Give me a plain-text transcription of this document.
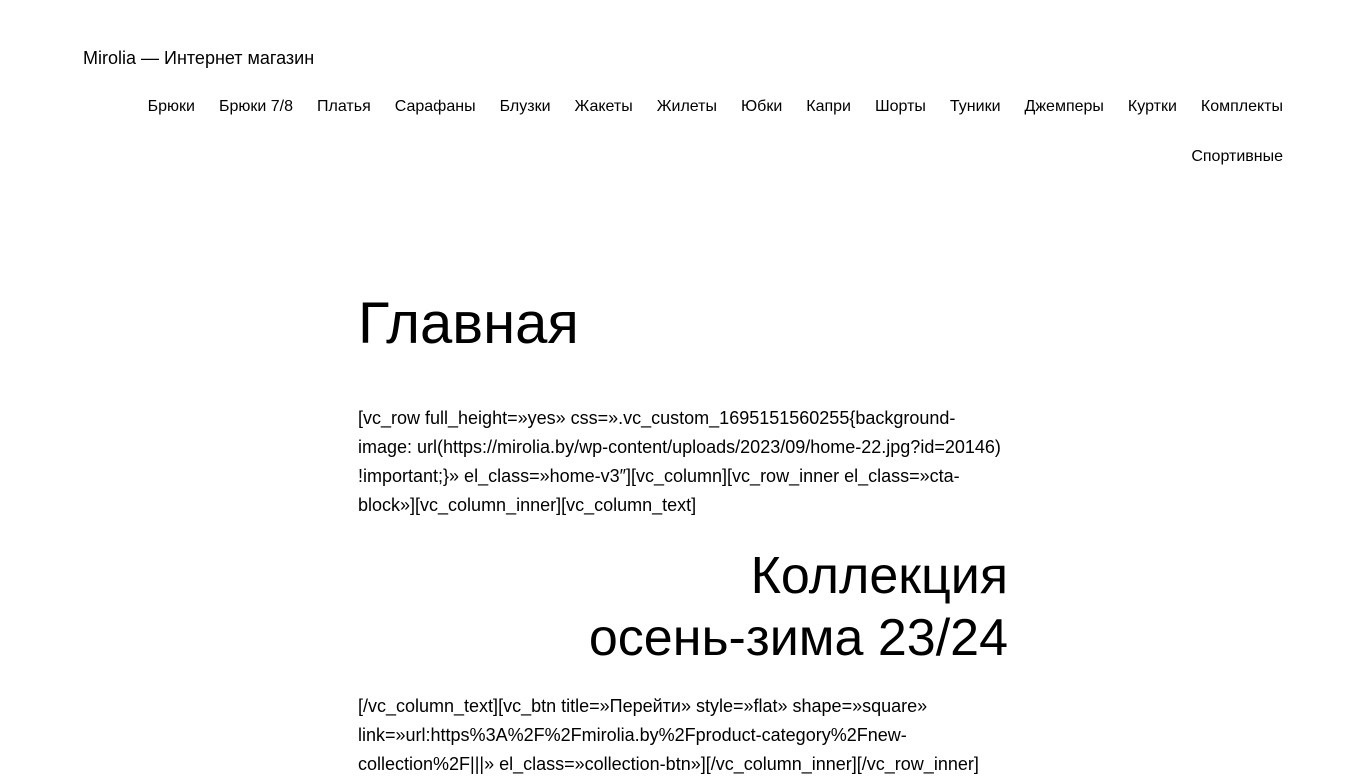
Mirolia — Интернет магазин
Брюки Брюки 7/8 Платья Сарафаны Блузки Жакеты Жилеты Юбки Капри Шорты Туники Джемперы Куртки Комплекты
Спортивные
Главная

[vc_row full_height=»yes» css=».vc_custom_1695151560255{background-image: url(https://mirolia.by/wp-content/uploads/2023/09/home-22.jpg?id=20146) !important;}» el_class=»home-v3″][vc_column][vc_row_inner el_class=»cta-block»][vc_column_inner][vc_column_text]

Коллекция
осень-зима 23/24

[/vc_column_text][vc_btn title=»Перейти» style=»flat» shape=»square» link=»url:https%3A%2F%2Fmirolia.by%2Fproduct-category%2Fnew-collection%2F|||» el_class=»collection-btn»][/vc_column_inner][/vc_row_inner]
